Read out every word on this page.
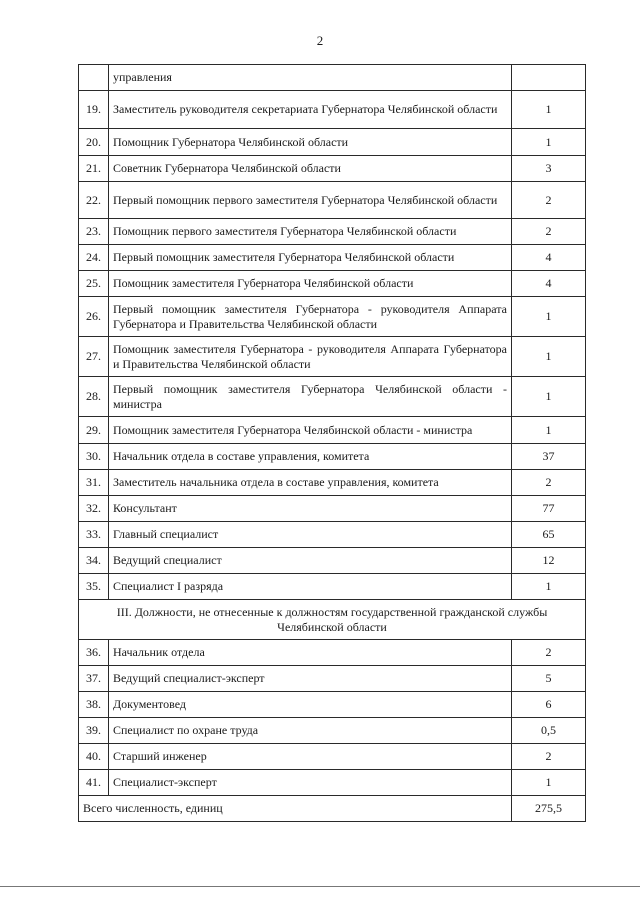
2
	управления	
19.	Заместитель руководителя секретариата Губернатора Челябинской области	1
20.	Помощник Губернатора Челябинской области	1
21.	Советник Губернатора Челябинской области	3
22.	Первый помощник первого заместителя Губернатора Челябинской области	2
23.	Помощник первого заместителя Губернатора Челябинской области	2
24.	Первый помощник заместителя Губернатора Челябинской области	4
25.	Помощник заместителя Губернатора Челябинской области	4
26.	Первый помощник заместителя Губернатора - руководителя Аппарата Губернатора и Правительства Челябинской области	1
27.	Помощник заместителя Губернатора - руководителя Аппарата Губернатора и Правительства Челябинской области	1
28.	Первый помощник заместителя Губернатора Челябинской области - министра	1
29.	Помощник заместителя Губернатора Челябинской области - министра	1
30.	Начальник отдела в составе управления, комитета	37
31.	Заместитель начальника отдела в составе управления, комитета	2
32.	Консультант	77
33.	Главный специалист	65
34.	Ведущий специалист	12
35.	Специалист I разряда	1
III. Должности, не отнесенные к должностям государственной гражданской службы Челябинской области		
36.	Начальник отдела	2
37.	Ведущий специалист-эксперт	5
38.	Документовед	6
39.	Специалист по охране труда	0,5
40.	Старший инженер	2
41.	Специалист-эксперт	1
Всего численность, единиц		275,5
